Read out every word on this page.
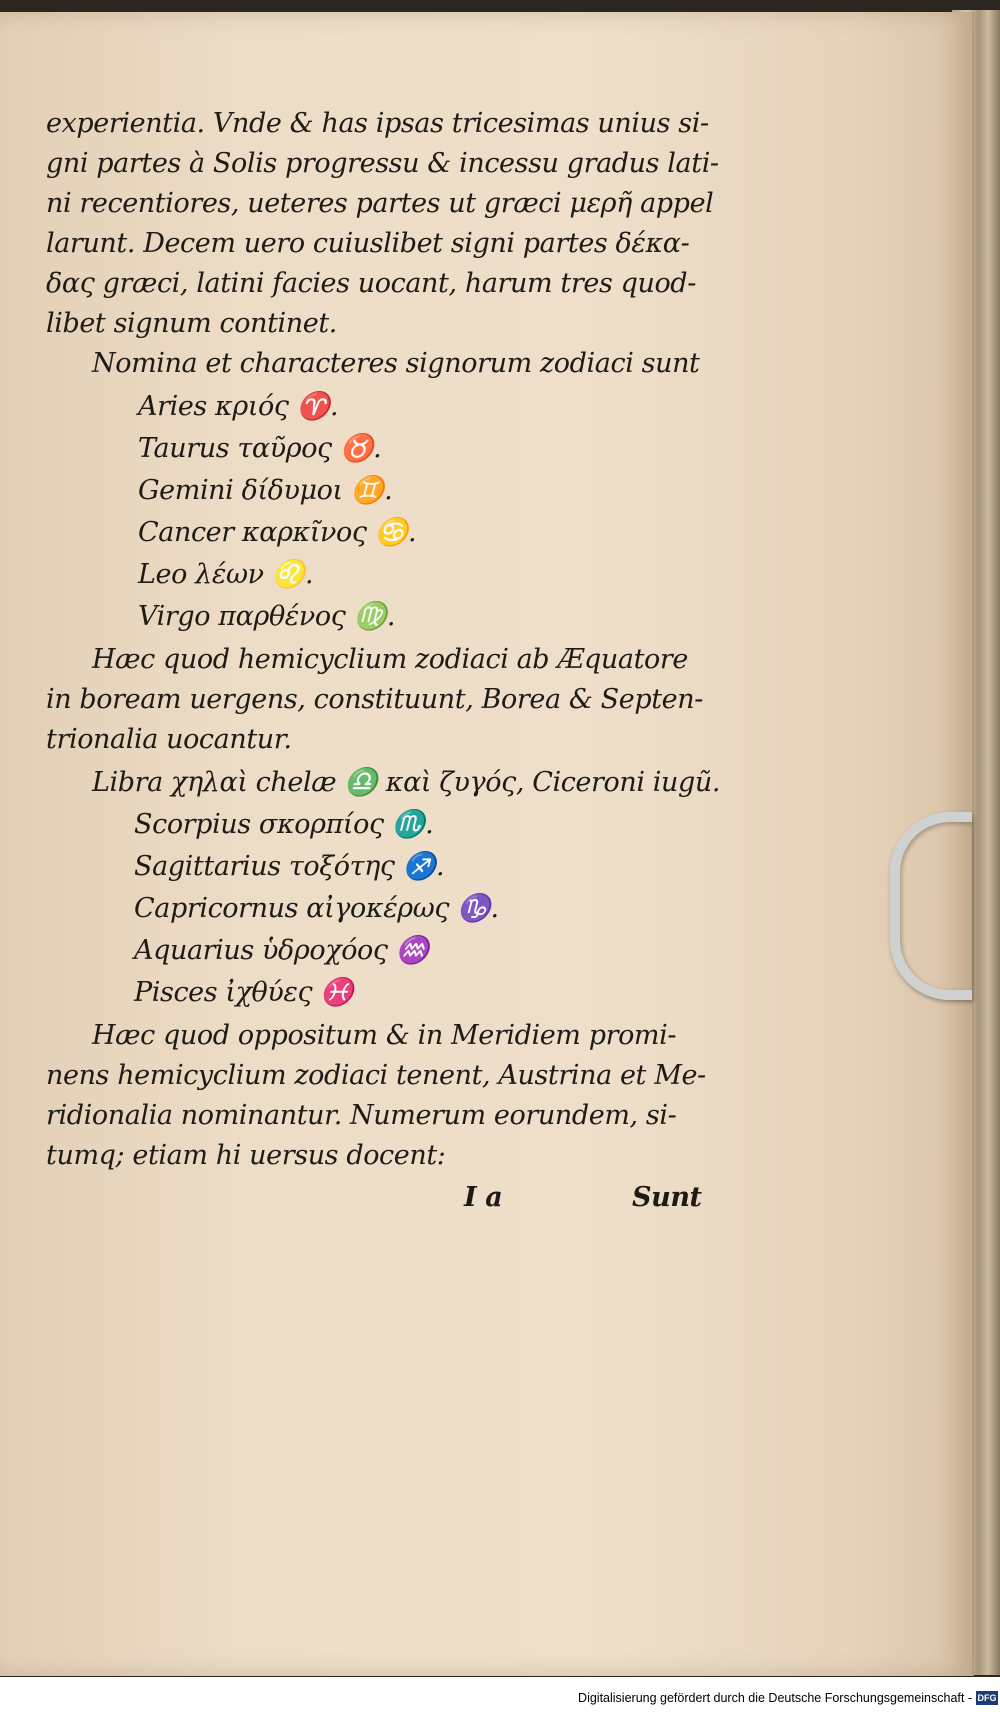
experientia. Vnde & has ipsas tricesimas unius si-
gni partes à Solis progressu & incessu gradus lati-
ni recentiores, ueteres partes ut græci μερῆ appel
larunt. Decem uero cuiuslibet signi partes δέκα-
δας græci, latini facies uocant, harum tres quod-
libet signum continet.
Nomina et characteres signorum zodiaci sunt
Aries κριός ♈.
Taurus ταῦρος ♉.
Gemini δίδυμοι ♊.
Cancer καρκῖνος ♋.
Leo λέων ♌.
Virgo παρθένος ♍.
Hæc quod hemicyclium zodiaci ab Æquatore
in boream uergens, constituunt, Borea & Septen-
trionalia uocantur.
Libra χηλαὶ chelæ ♎ καὶ ζυγός, Ciceroni iugũ.
Scorpius σκορπίος ♏.
Sagittarius τοξότης ♐.
Capricornus αἰγοκέρως ♑.
Aquarius ὑδροχόος ♒
Pisces ἰχθύες ♓
Hæc quod oppositum & in Meridiem promi-
nens hemicyclium zodiaci tenent, Austrina et Me-
ridionalia nominantur. Numerum eorundem, si-
tumq; etiam hi uersus docent:
I a	Sunt
Digitalisierung gefördert durch die Deutsche Forschungsgemeinschaft - DFG
